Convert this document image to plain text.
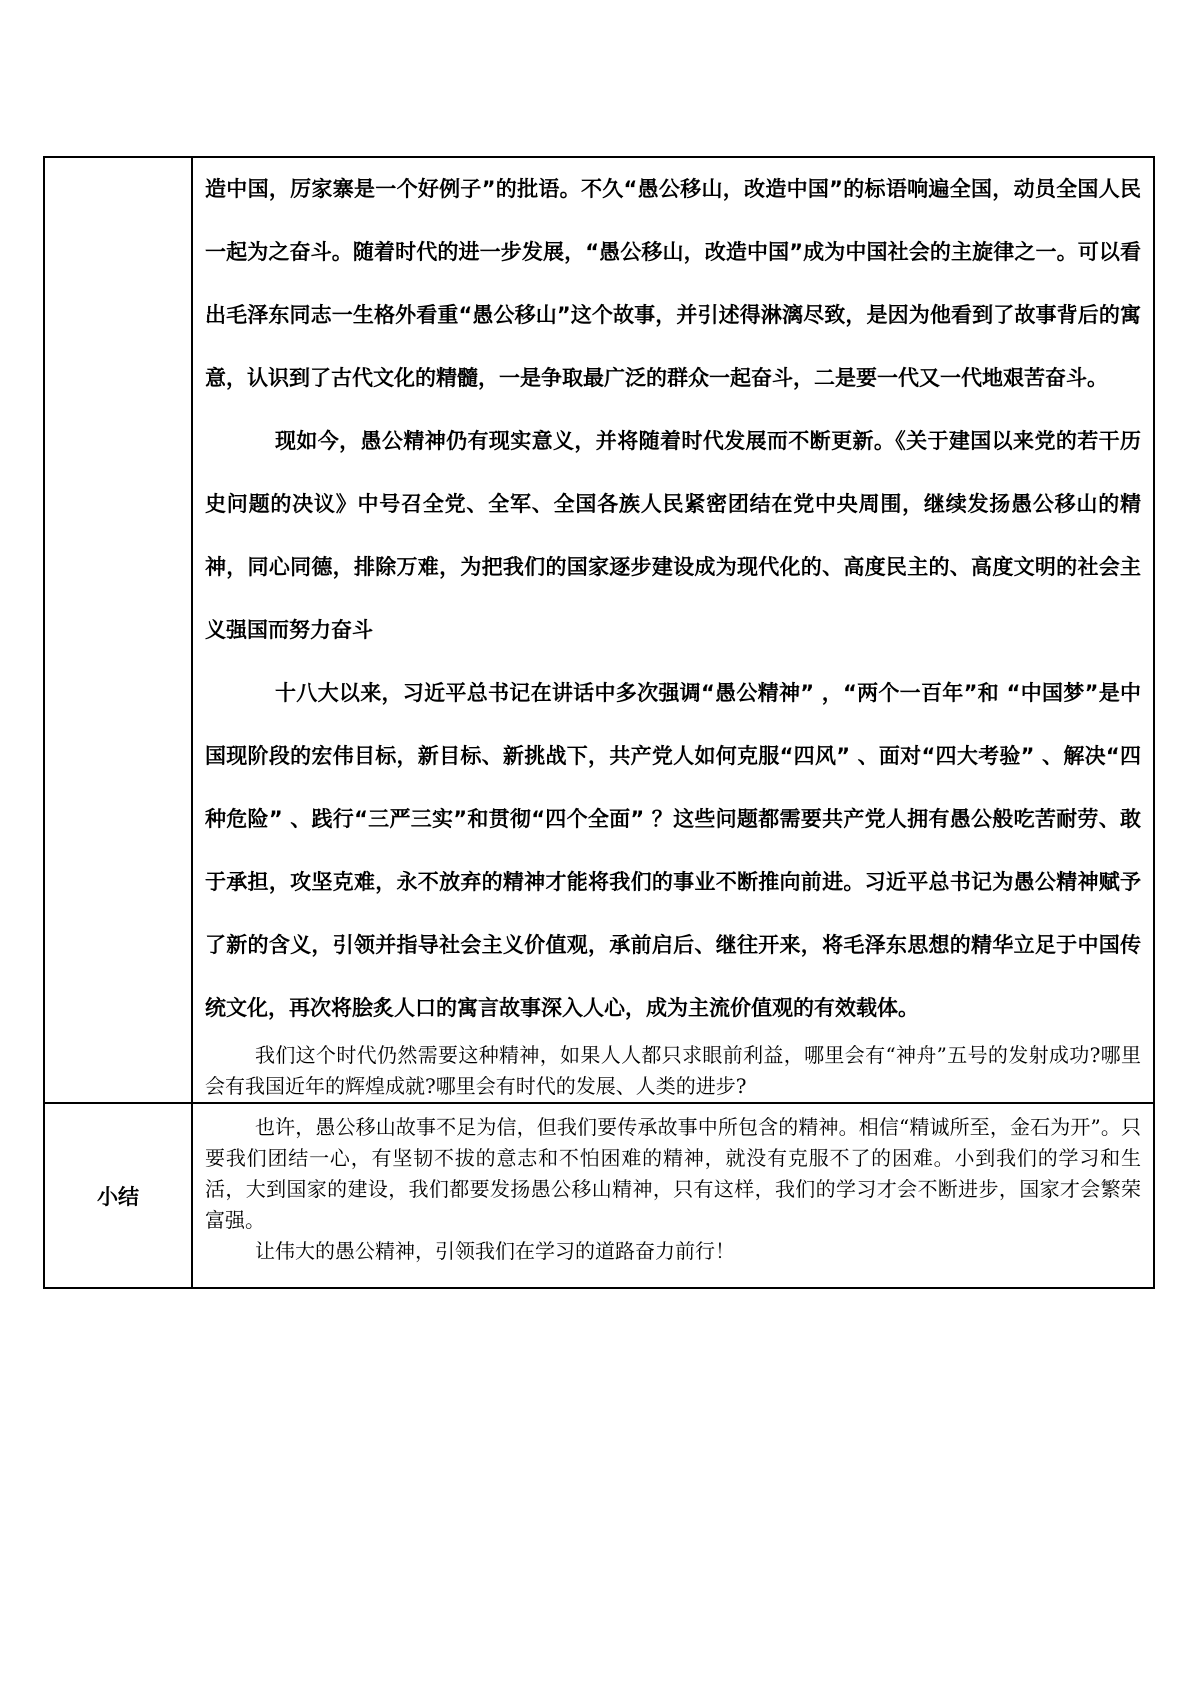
	造中国，厉家寨是一个好例子”的批语。不久“愚公移山，改造中国”的标语响遍全国，动员全国人民一起为之奋斗。随着时代的进一步发展，“愚公移山，改造中国”成为中国社会的主旋律之一。可以看出毛泽东同志一生格外看重“愚公移山”这个故事，并引述得淋漓尽致，是因为他看到了故事背后的寓意，认识到了古代文化的精髓，一是争取最广泛的群众一起奋斗，二是要一代又一代地艰苦奋斗。

现如今，愚公精神仍有现实意义，并将随着时代发展而不断更新。《关于建国以来党的若干历史问题的决议》中号召全党、全军、全国各族人民紧密团结在党中央周围，继续发扬愚公移山的精神，同心同德，排除万难，为把我们的国家逐步建设成为现代化的、高度民主的、高度文明的社会主义强国而努力奋斗

十八大以来，习近平总书记在讲话中多次强调“愚公精神” ，“两个一百年”和 “中国梦”是中国现阶段的宏伟目标，新目标、新挑战下，共产党人如何克服“四风” 、面对“四大考验” 、解决“四种危险” 、践行“三严三实”和贯彻“四个全面” ？这些问题都需要共产党人拥有愚公般吃苦耐劳、敢于承担，攻坚克难，永不放弃的精神才能将我们的事业不断推向前进。习近平总书记为愚公精神赋予了新的含义，引领并指导社会主义价值观，承前启后、继往开来，将毛泽东思想的精华立足于中国传统文化，再次将脍炙人口的寓言故事深入人心，成为主流价值观的有效载体。

我们这个时代仍然需要这种精神，如果人人都只求眼前利益，哪里会有“神舟”五号的发射成功?哪里会有我国近年的辉煌成就?哪里会有时代的发展、人类的进步?

小结	也许，愚公移山故事不足为信，但我们要传承故事中所包含的精神。相信“精诚所至，金石为开”。只要我们团结一心，有坚韧不拔的意志和不怕困难的精神，就没有克服不了的困难。小到我们的学习和生活，大到国家的建设，我们都要发扬愚公移山精神，只有这样，我们的学习才会不断进步，国家才会繁荣富强。

让伟大的愚公精神，引领我们在学习的道路奋力前行！
